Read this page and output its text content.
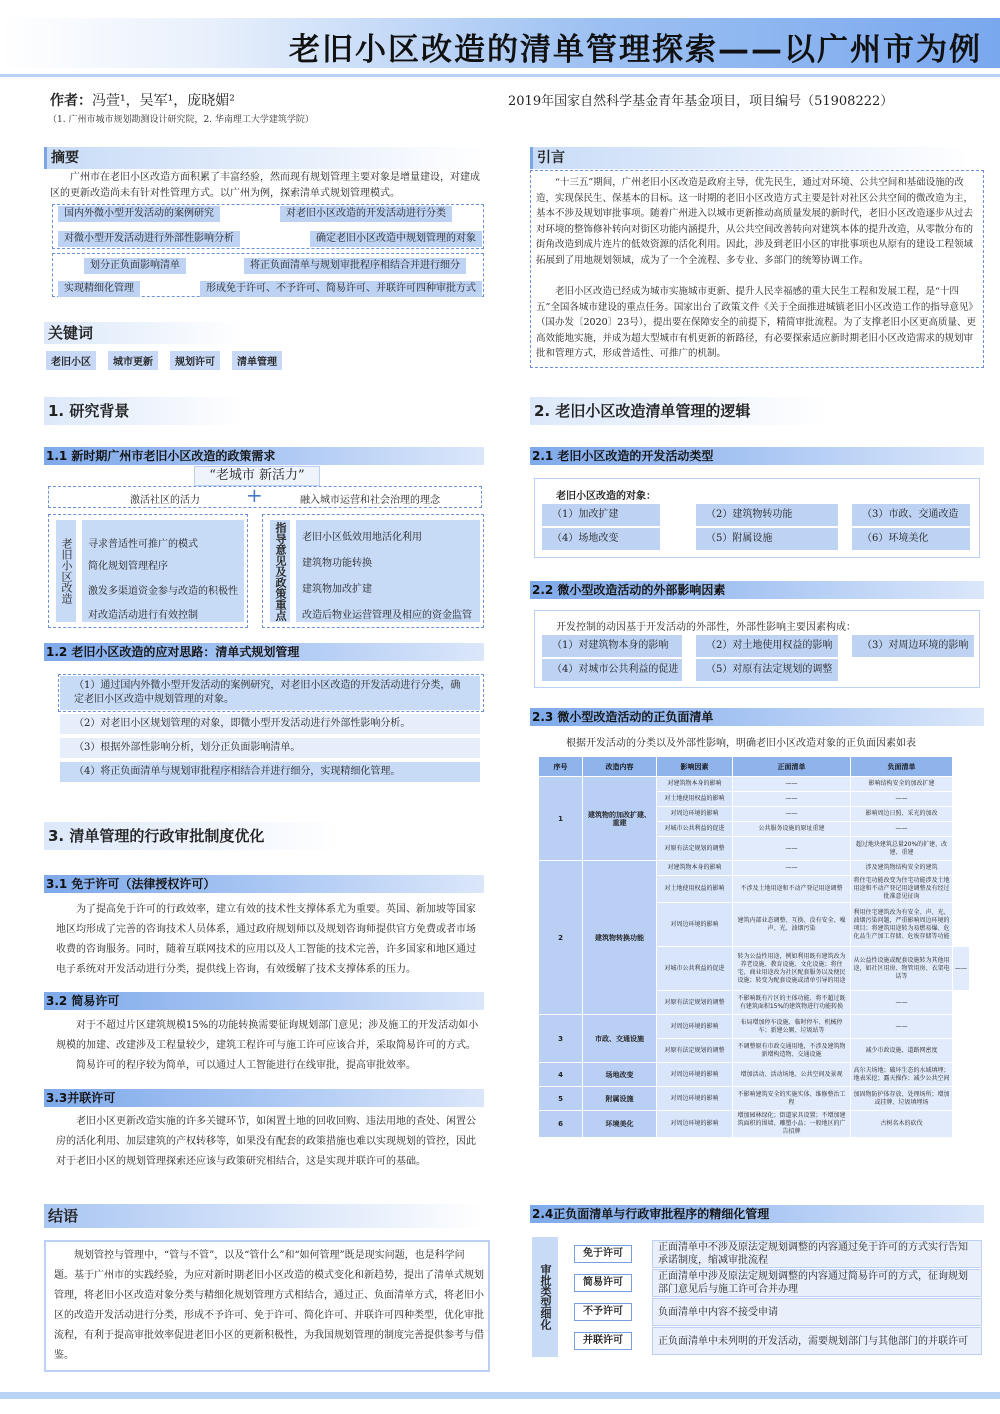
老旧小区改造的清单管理探索——以广州市为例
作者：冯萱¹，吴军¹，庞晓媚²
（1. 广州市城市规划勘测设计研究院，2. 华南理工大学建筑学院）
2019年国家自然科学基金青年基金项目，项目编号（51908222）
摘要
广州市在老旧小区改造方面积累了丰富经验，然而现有规划管理主要对象是增量建设，对建成区的更新改造尚未有针对性管理方式。以广州为例，探索清单式规划管理模式。
国内外微小型开发活动的案例研究	对老旧小区改造的开发活动进行分类
对微小型开发活动进行外部性影响分析	确定老旧小区改造中规划管理的对象
划分正负面影响清单	将正负面清单与规划审批程序相结合并进行细分
实现精细化管理	形成免于许可、不予许可、简易许可、并联许可四种审批方式
关键词
老旧小区	城市更新	规划许可	清单管理
引言
“十三五”期间，广州老旧小区改造是政府主导，优先民生，通过对环境、公共空间和基础设施的改造，实现保民生、保基本的目标。这一时期的老旧小区改造方式主要是针对社区公共空间的微改造为主，基本不涉及规划审批事项。随着广州进入以城市更新推动高质量发展的新时代，老旧小区改造逐步从过去对环境的整饰修补转向对街区功能内涵提升，从公共空间改善转向对建筑本体的提升改造，从零散分布的街角改造到成片连片的低效资源的活化利用。因此，涉及到老旧小区的审批事项也从原有的建设工程领域拓展到了用地规划领域，成为了一个全流程、多专业、多部门的统筹协调工作。
老旧小区改造已经成为城市实施城市更新、提升人民幸福感的重大民生工程和发展工程，是“十四五”全国各城市建设的重点任务。国家出台了政策文件《关于全面推进城镇老旧小区改造工作的指导意见》（国办发〔2020〕23号），提出要在保障安全的前提下，精简审批流程。为了支撑老旧小区更高质量、更高效能地实施，并成为超大型城市有机更新的新路径，有必要探索适应新时期老旧小区改造需求的规划审批和管理方式，形成普适性、可推广的机制。
1. 研究背景
1.1 新时期广州市老旧小区改造的政策需求
“老城市 新活力”
激活社区的活力 +	融入城市运营和社会治理的理念
老旧小区改造	寻求普适性可推广的模式
简化规划管理程序
激发多渠道资金参与改造的积极性
对改造活动进行有效控制	指导意见及政策重点	老旧小区低效用地活化利用
建筑物功能转换
建筑物加改扩建
改造后物业运营管理及相应的资金监管
1.2 老旧小区改造的应对思路：清单式规划管理
（1）通过国内外微小型开发活动的案例研究，对老旧小区改造的开发活动进行分类，确定老旧小区改造中规划管理的对象。
（2）对老旧小区规划管理的对象，即微小型开发活动进行外部性影响分析。
（3）根据外部性影响分析，划分正负面影响清单。
（4）将正负面清单与规划审批程序相结合并进行细分，实现精细化管理。
3. 清单管理的行政审批制度优化
3.1 免于许可（法律授权许可）
为了提高免于许可的行政效率，建立有效的技术性支撑体系尤为重要。英国、新加坡等国家地区均形成了完善的咨询技术人员体系，通过政府规划师以及规划咨询师提供官方免费或者市场收费的咨询服务。同时，随着互联网技术的应用以及人工智能的技术完善，许多国家和地区通过电子系统对开发活动进行分类，提供线上咨询，有效缓解了技术支撑体系的压力。
3.2 简易许可
对于不超过片区建筑规模15%的功能转换需要征询规划部门意见；涉及施工的开发活动如小规模的加建、改建涉及工程量较少，建筑工程许可与施工许可应该合并，采取简易许可的方式。
简易许可的程序较为简单，可以通过人工智能进行在线审批，提高审批效率。
3.3并联许可
老旧小区更新改造实施的许多关键环节，如闲置土地的回收回购、违法用地的查处、闲置公房的活化利用、加层建筑的产权转移等，如果没有配套的政策措施也难以实现规划的管控，因此对于老旧小区的规划管理探索还应该与政策研究相结合，这是实现并联许可的基础。
结语
规划管控与管理中，“管与不管”，以及“管什么”和“如何管理”既是现实问题，也是科学问题。基于广州市的实践经验，为应对新时期老旧小区改造的模式变化和新趋势，提出了清单式规划管理，将老旧小区改造对象分类与精细化规划管理方式相结合，通过正、负面清单方式，将老旧小区的改造开发活动进行分类，形成不予许可、免于许可、简化许可、并联许可四种类型，优化审批流程，有利于提高审批效率促进老旧小区的更新积极性，为我国规划管理的制度完善提供参考与借鉴。
2. 老旧小区改造清单管理的逻辑
2.1 老旧小区改造的开发活动类型
老旧小区改造的对象：
（1）加改扩建	（2）建筑物转功能	（3）市政、交通改造
（4）场地改变	（5）附属设施	（6）环境美化
2.2 微小型改造活动的外部影响因素
开发控制的动因基于开发活动的外部性，外部性影响主要因素构成：
（1）对建筑物本身的影响	（2）对土地使用权益的影响	（3）对周边环境的影响
（4）对城市公共利益的促进	（5）对原有法定规划的调整
2.3 微小型改造活动的正负面清单
根据开发活动的分类以及外部性影响，明确老旧小区改造对象的正负面因素如表
序号	改造内容	影响因素	正面清单	负面清单	
1	建筑物的加改扩建、重建	对建筑物本身的影响	——	影响结构安全的加改扩建	
		对土地使用权益的影响	——	——	
		对周边环境的影响	——	影响周边日照、采光的加改	
		对城市公共利益的促进	公共服务设施的原址重建	——	
		对原有法定规划的调整	——	超过地块建筑总量20%的扩建、改建、重建	
2	建筑物转换功能	对建筑物本身的影响	——	涉及建筑物结构安全的建筑	
		对土地使用权益的影响	不涉及土地用途和不动产登记用途调整	将住宅功能改变为住宅功能涉及土地用途和不动产登记用途调整及有经过批准意见征询	
		对周边环境的影响	建筑内部业态调整、互换、没有安全、噪声、光、油烟污染	利用住宅建筑改为有安全、声、光、油烟污染问题，严重影响周边环境的项目；将建筑用途转为易燃易爆、危化品生产加工存储、危废存储等功能	
		对城市公共利益的促进	转为公益性用途，例如利用既有建筑改为养老设施、教育设施、文化设施；将住宅、商业用途改为社区配套服务以及便民设施；转变为配套设施或清单引导的用途	从公益性设施或配套设施转为其他用途，如社区用房、物管用房、衣架电话等	——
		对原有法定规划的调整	不影响既有片区的主体功能、将不超过既有建筑面积15%的建筑物进行功能转换	——	
3	市政、交通设施	对周边环境的影响	布局增加停车设施、临时停车、机械停车；新建公厕、垃圾站等	——	
		对原有法定规划的调整	不调整原有市政交通用地，不涉及建筑物新增构造物、交通设施	减少市政设施、道路网密度	
4	场地改变	对周边环境的影响	增加活动、活动场地、公共空间及景观	高尔夫场地；破坏生态的水域填埋；地表采挖；露天操作；减少公共空间	
5	附属设施	对周边环境的影响	不影响建筑安全的实施实体、维修整治工程	加固物防护体存放、处理场所；增加或挂牌、垃圾填埋场	
6	环境美化	对周边环境的影响	增加园林绿化；街道家具设置；不增加建筑面积的围墙、雕塑小品；一般地区的广告招牌	古树名木的砍伐	
2.4正负面清单与行政审批程序的精细化管理
审批类型细化
免于许可
正面清单中不涉及原法定规划调整的内容通过免于许可的方式实行告知承诺制度，缩减审批流程
简易许可
正面清单中涉及原法定规划调整的内容通过简易许可的方式，征询规划部门意见后与施工许可合并办理
不予许可	负面清单中内容不接受申请
并联许可	正负面清单中未列明的开发活动，需要规划部门与其他部门的并联许可
